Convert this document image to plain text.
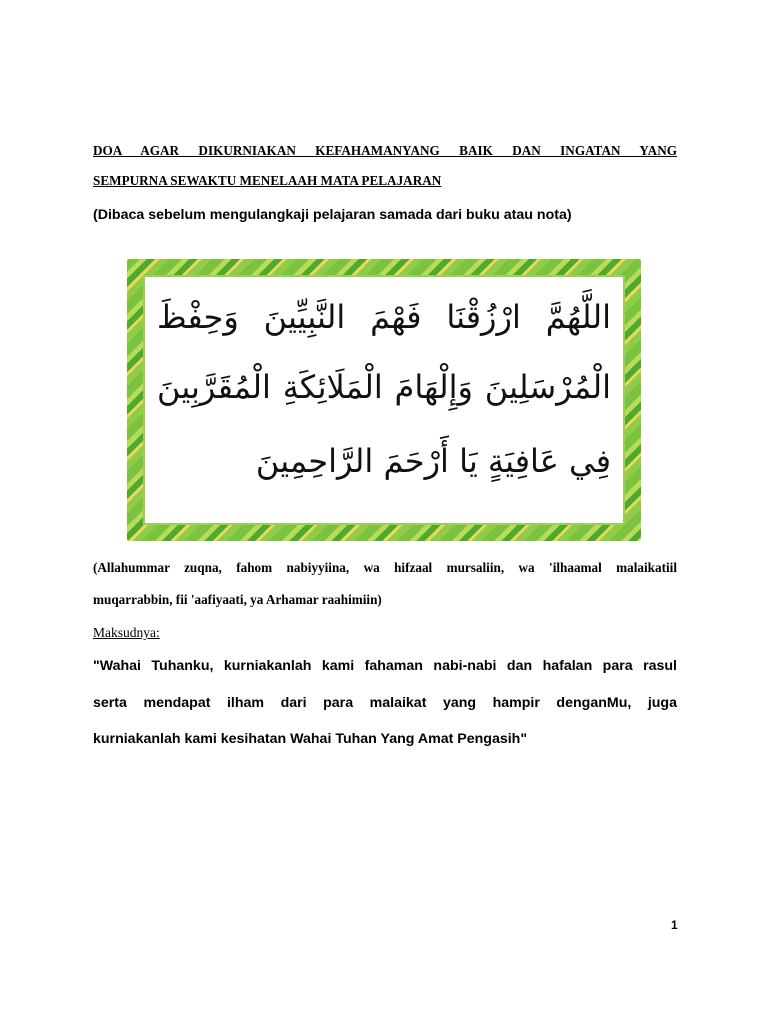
DOA AGAR DIKURNIAKAN KEFAHAMANYANG BAIK DAN INGATAN YANG
SEMPURNA SEWAKTU MENELAAH MATA PELAJARAN
(Dibaca sebelum mengulangkaji pelajaran samada dari buku atau nota)
اللَّهُمَّ ارْزُقْنَا فَهْمَ النَّبِيِّينَ وَحِفْظَ
الْمُرْسَلِينَ وَإِلْهَامَ الْمَلَائِكَةِ الْمُقَرَّبِينَ
فِي عَافِيَةٍ يَا أَرْحَمَ الرَّاحِمِينَ
(Allahummar zuqna, fahom nabiyyiina, wa hifzaal mursaliin, wa 'ilhaamal malaikatiil
muqarrabbin, fii 'aafiyaati, ya Arhamar raahimiin)
Maksudnya:
"Wahai Tuhanku, kurniakanlah kami fahaman nabi-nabi dan hafalan para rasul
serta mendapat ilham dari para malaikat yang hampir denganMu, juga
kurniakanlah kami kesihatan Wahai Tuhan Yang Amat Pengasih"
1
